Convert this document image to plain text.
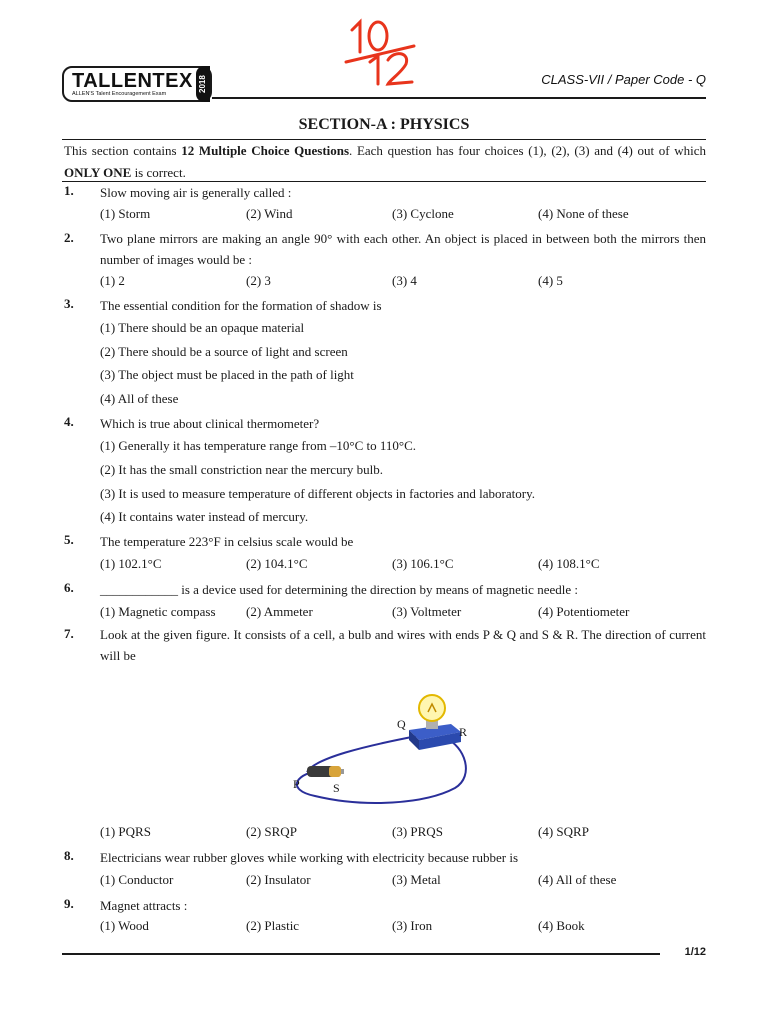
TALLENTEX
ALLEN'S Talent Encouragement Exam
2018	CLASS-VII / Paper Code - Q
SECTION-A : PHYSICS
This section contains 12 Multiple Choice Questions. Each question has four choices (1), (2), (3) and (4) out of which ONLY ONE is correct.
1. Slow moving air is generally called :
(1) Storm	(2) Wind	(3) Cyclone	(4) None of these
2. Two plane mirrors are making an angle 90° with each other. An object is placed in between both the mirrors then number of images would be :
(1) 2	(2) 3	(3) 4	(4) 5
3. The essential condition for the formation of shadow is
(1) There should be an opaque material
(2) There should be a source of light and screen
(3) The object must be placed in the path of light
(4) All of these
4. Which is true about clinical thermometer?
(1) Generally it has temperature range from –10°C to 110°C.
(2) It has the small constriction near the mercury bulb.
(3) It is used to measure temperature of different objects in factories and laboratory.
(4) It contains water instead of mercury.
5. The temperature 223°F in celsius scale would be
(1) 102.1°C	(2) 104.1°C	(3) 106.1°C	(4) 108.1°C
6. ____________ is a device used for determining the direction by means of magnetic needle :
(1) Magnetic compass (2) Ammeter	(3) Voltmeter	(4) Potentiometer
7. Look at the given figure. It consists of a cell, a bulb and wires with ends P & Q and S & R. The direction of current will be
Q
R
P	S
(1) PQRS	(2) SRQP	(3) PRQS	(4) SQRP
8. Electricians wear rubber gloves while working with electricity because rubber is
(1) Conductor	(2) Insulator	(3) Metal	(4) All of these
9. Magnet attracts :
(1) Wood	(2) Plastic	(3) Iron	(4) Book
1/12
